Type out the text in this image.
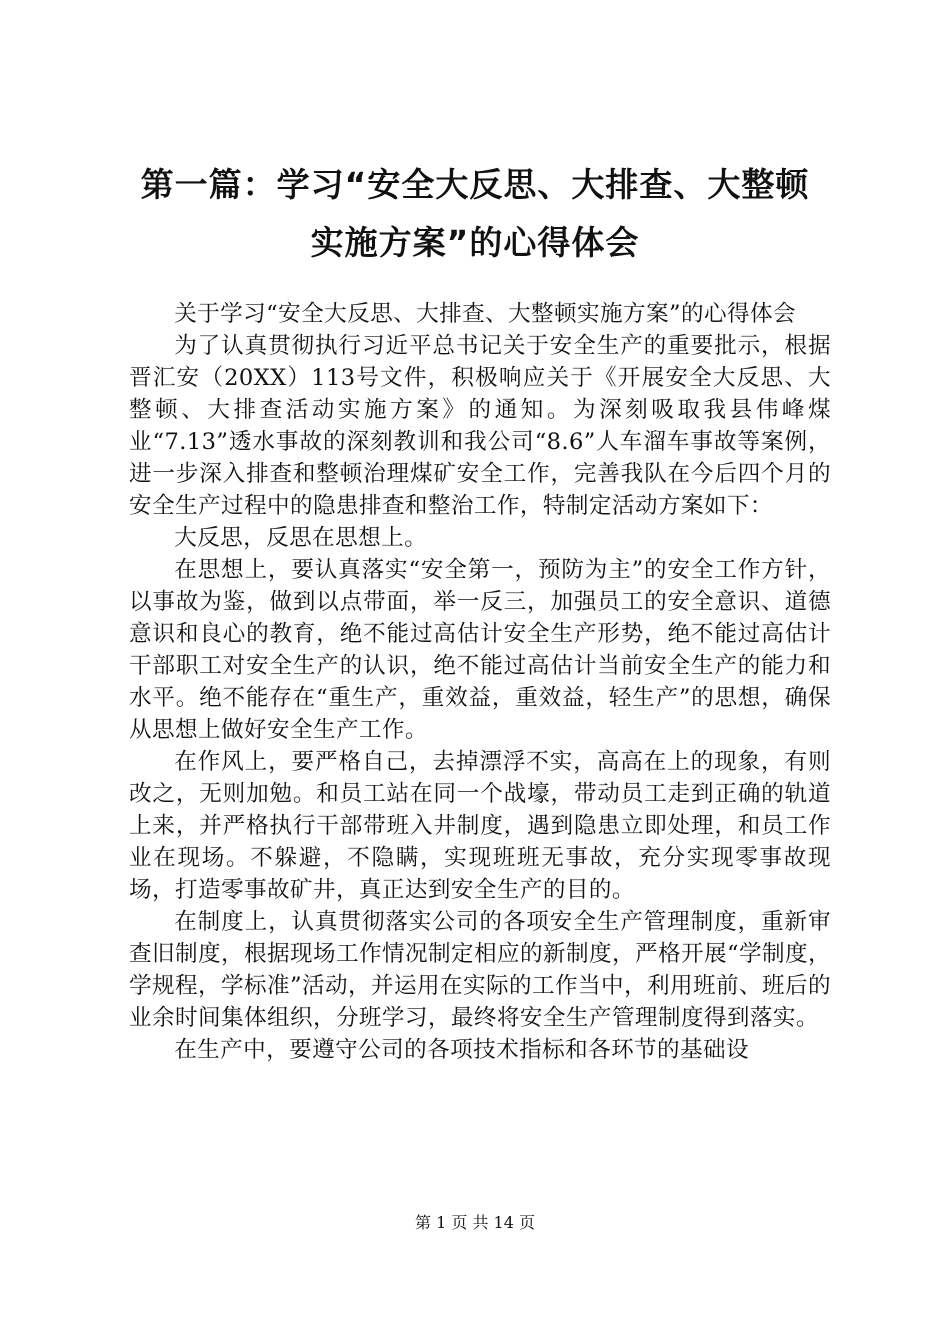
第一篇：学习“安全大反思、大排查、大整顿
实施方案”的心得体会

关于学习“安全大反思、大排查、大整顿实施方案”的心得体会

为了认真贯彻执行习近平总书记关于安全生产的重要批示，根据晋汇安（20XX）113号文件，积极响应关于《开展安全大反思、大整顿、大排查活动实施方案》的通知。为深刻吸取我县伟峰煤业“7.13”透水事故的深刻教训和我公司“8.6”人车溜车事故等案例，进一步深入排查和整顿治理煤矿安全工作，完善我队在今后四个月的安全生产过程中的隐患排查和整治工作，特制定活动方案如下：

大反思，反思在思想上。

在思想上，要认真落实“安全第一，预防为主”的安全工作方针，以事故为鉴，做到以点带面，举一反三，加强员工的安全意识、道德意识和良心的教育，绝不能过高估计安全生产形势，绝不能过高估计干部职工对安全生产的认识，绝不能过高估计当前安全生产的能力和水平。绝不能存在“重生产，重效益，重效益，轻生产”的思想，确保从思想上做好安全生产工作。

在作风上，要严格自己，去掉漂浮不实，高高在上的现象，有则改之，无则加勉。和员工站在同一个战壕，带动员工走到正确的轨道上来，并严格执行干部带班入井制度，遇到隐患立即处理，和员工作业在现场。不躲避，不隐瞒，实现班班无事故，充分实现零事故现场，打造零事故矿井，真正达到安全生产的目的。

在制度上，认真贯彻落实公司的各项安全生产管理制度，重新审查旧制度，根据现场工作情况制定相应的新制度，严格开展“学制度，学规程，学标准”活动，并运用在实际的工作当中，利用班前、班后的业余时间集体组织，分班学习，最终将安全生产管理制度得到落实。

在生产中，要遵守公司的各项技术指标和各环节的基础设

第 1 页 共 14 页
